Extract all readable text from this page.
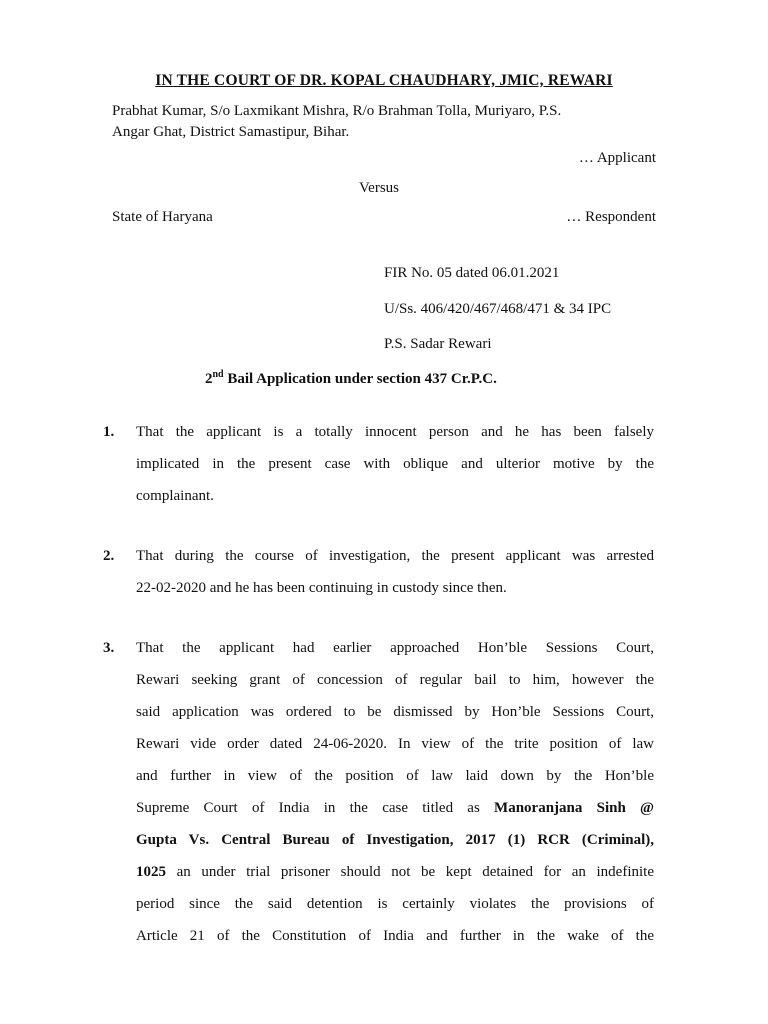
IN THE COURT OF DR. KOPAL CHAUDHARY, JMIC, REWARI
Prabhat Kumar, S/o Laxmikant Mishra, R/o Brahman Tolla, Muriyaro, P.S.
Angar Ghat, District Samastipur, Bihar.
… Applicant
Versus
State of Haryana	… Respondent
FIR No. 05 dated 06.01.2021
U/Ss. 406/420/467/468/471 & 34 IPC
P.S. Sadar Rewari
2nd Bail Application under section 437 Cr.P.C.
1. That the applicant is a totally innocent person and he has been falsely
implicated in the present case with oblique and ulterior motive by the
complainant.
2. That during the course of investigation, the present applicant was arrested
22-02-2020 and he has been continuing in custody since then.
3. That the applicant had earlier approached Hon’ble Sessions Court,
Rewari seeking grant of concession of regular bail to him, however the
said application was ordered to be dismissed by Hon’ble Sessions Court,
Rewari vide order dated 24-06-2020. In view of the trite position of law
and further in view of the position of law laid down by the Hon’ble
Supreme Court of India in the case titled as Manoranjana Sinh @
Gupta Vs. Central Bureau of Investigation, 2017 (1) RCR (Criminal),
1025 an under trial prisoner should not be kept detained for an indefinite
period since the said detention is certainly violates the provisions of
Article 21 of the Constitution of India and further in the wake of the
